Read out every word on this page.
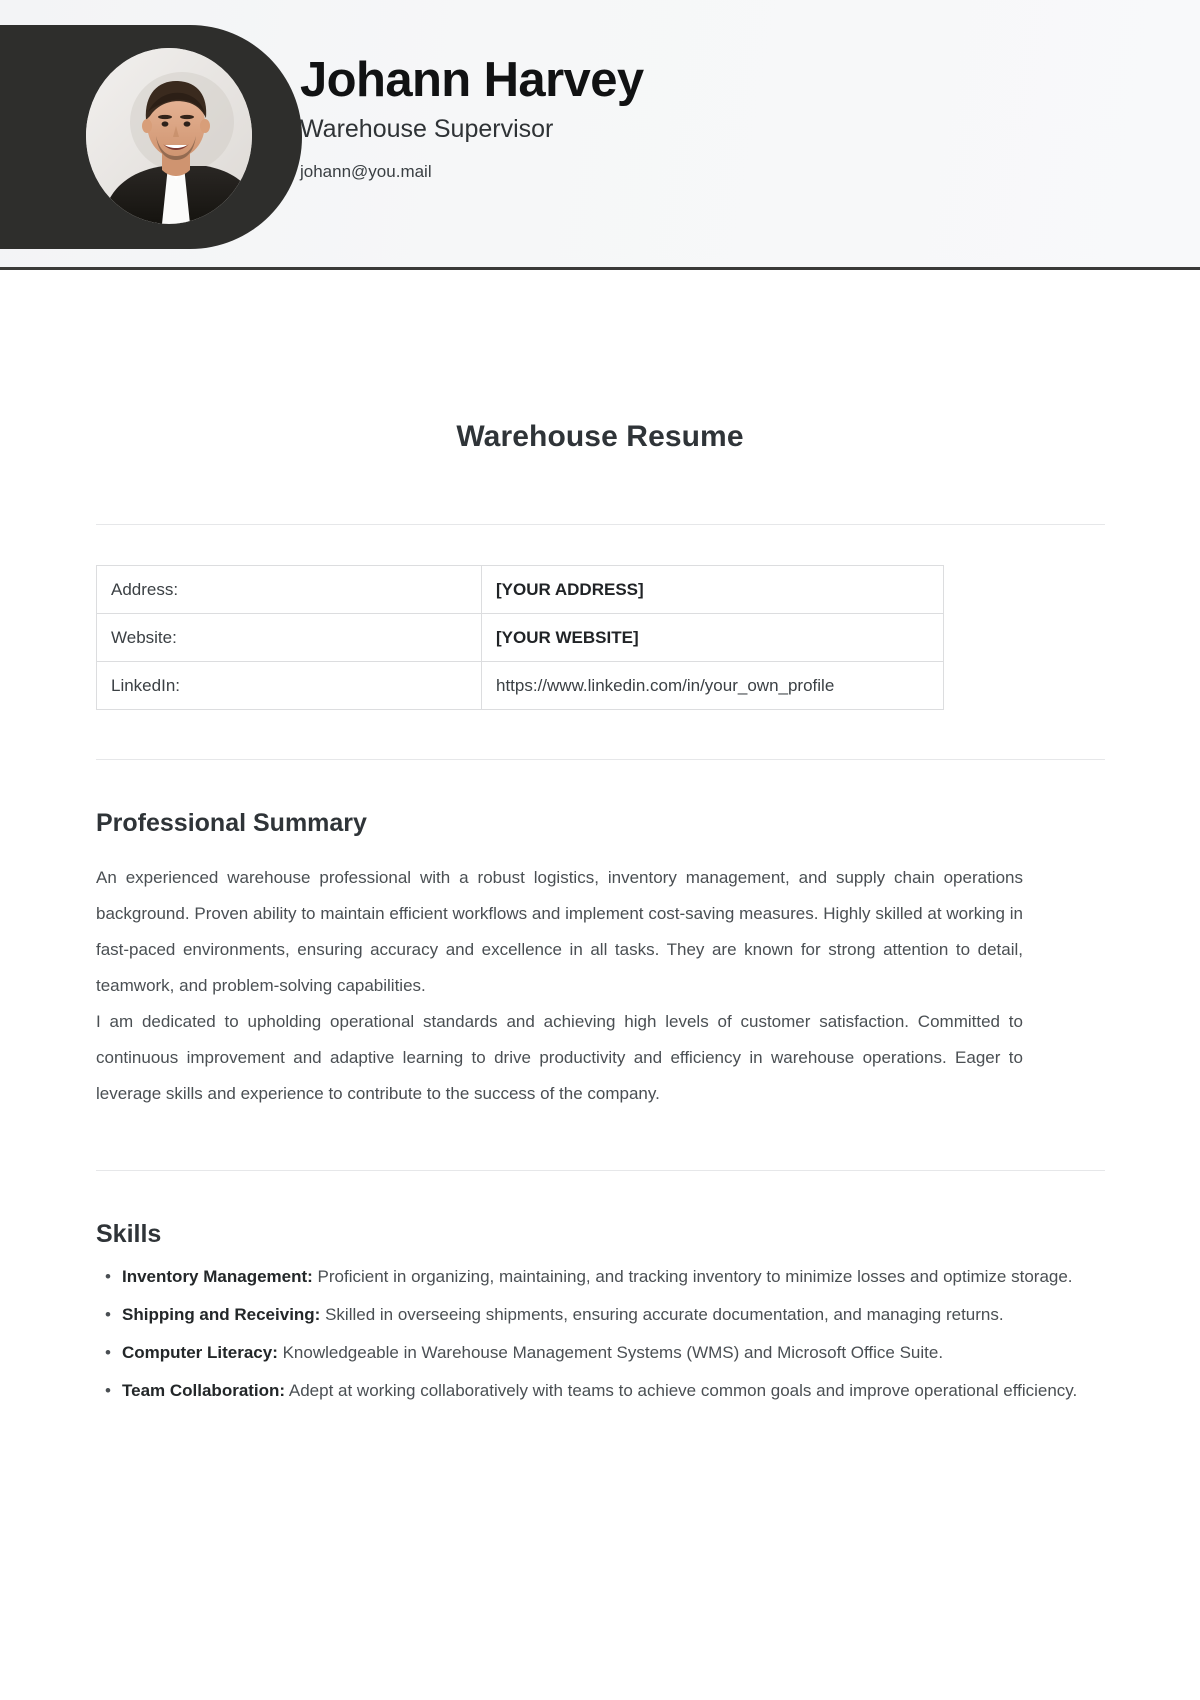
Johann Harvey
Warehouse Supervisor
johann@you.mail
Warehouse Resume
Address:	[YOUR ADDRESS]
Website:	[YOUR WEBSITE]
LinkedIn:	https://www.linkedin.com/in/your_own_profile
Professional Summary

An experienced warehouse professional with a robust logistics, inventory management, and supply chain operations background. Proven ability to maintain efficient workflows and implement cost-saving measures. Highly skilled at working in fast-paced environments, ensuring accuracy and excellence in all tasks. They are known for strong attention to detail, teamwork, and problem-solving capabilities.

I am dedicated to upholding operational standards and achieving high levels of customer satisfaction. Committed to continuous improvement and adaptive learning to drive productivity and efficiency in warehouse operations. Eager to leverage skills and experience to contribute to the success of the company.

Skills
• Inventory Management: Proficient in organizing, maintaining, and tracking inventory to minimize losses and optimize storage.
• Shipping and Receiving: Skilled in overseeing shipments, ensuring accurate documentation, and managing returns.
• Computer Literacy: Knowledgeable in Warehouse Management Systems (WMS) and Microsoft Office Suite.
• Team Collaboration: Adept at working collaboratively with teams to achieve common goals and improve operational efficiency.
